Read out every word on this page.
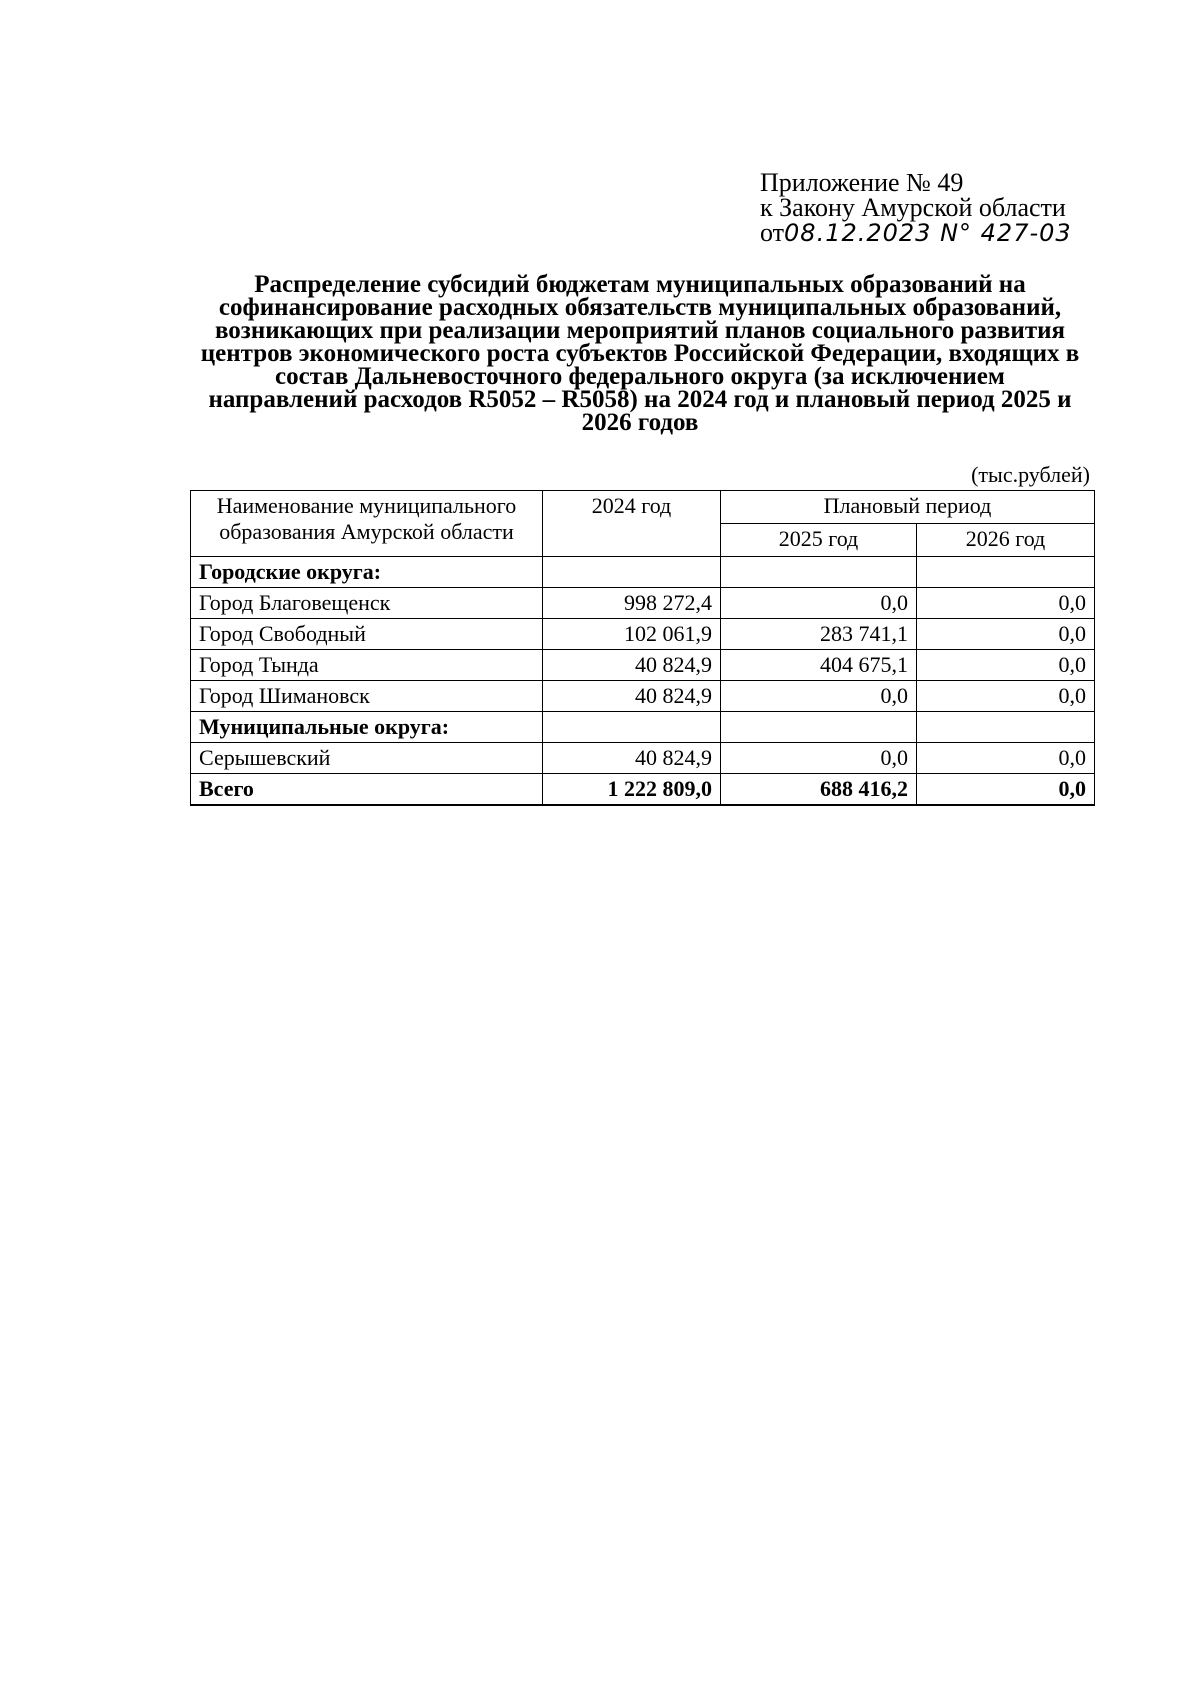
Приложение № 49
к Закону Амурской области
от08.12.2023 N° 427-03
Распределение субсидий бюджетам муниципальных образований на софинансирование расходных обязательств муниципальных образований, возникающих при реализации мероприятий планов социального развития центров экономического роста субъектов Российской Федерации, входящих в состав Дальневосточного федерального округа (за исключением направлений расходов R5052 – R5058) на 2024 год и плановый период 2025 и 2026 годов
(тыс.рублей)
Наименование муниципального образования Амурской области	2024 год	Плановый период	
		2025 год	2026 год
Городские округа:			
Город Благовещенск	998 272,4	0,0	0,0
Город Свободный	102 061,9	283 741,1	0,0
Город Тында	40 824,9	404 675,1	0,0
Город Шимановск	40 824,9	0,0	0,0
Муниципальные округа:			
Серышевский	40 824,9	0,0	0,0
Всего	1 222 809,0	688 416,2	0,0
